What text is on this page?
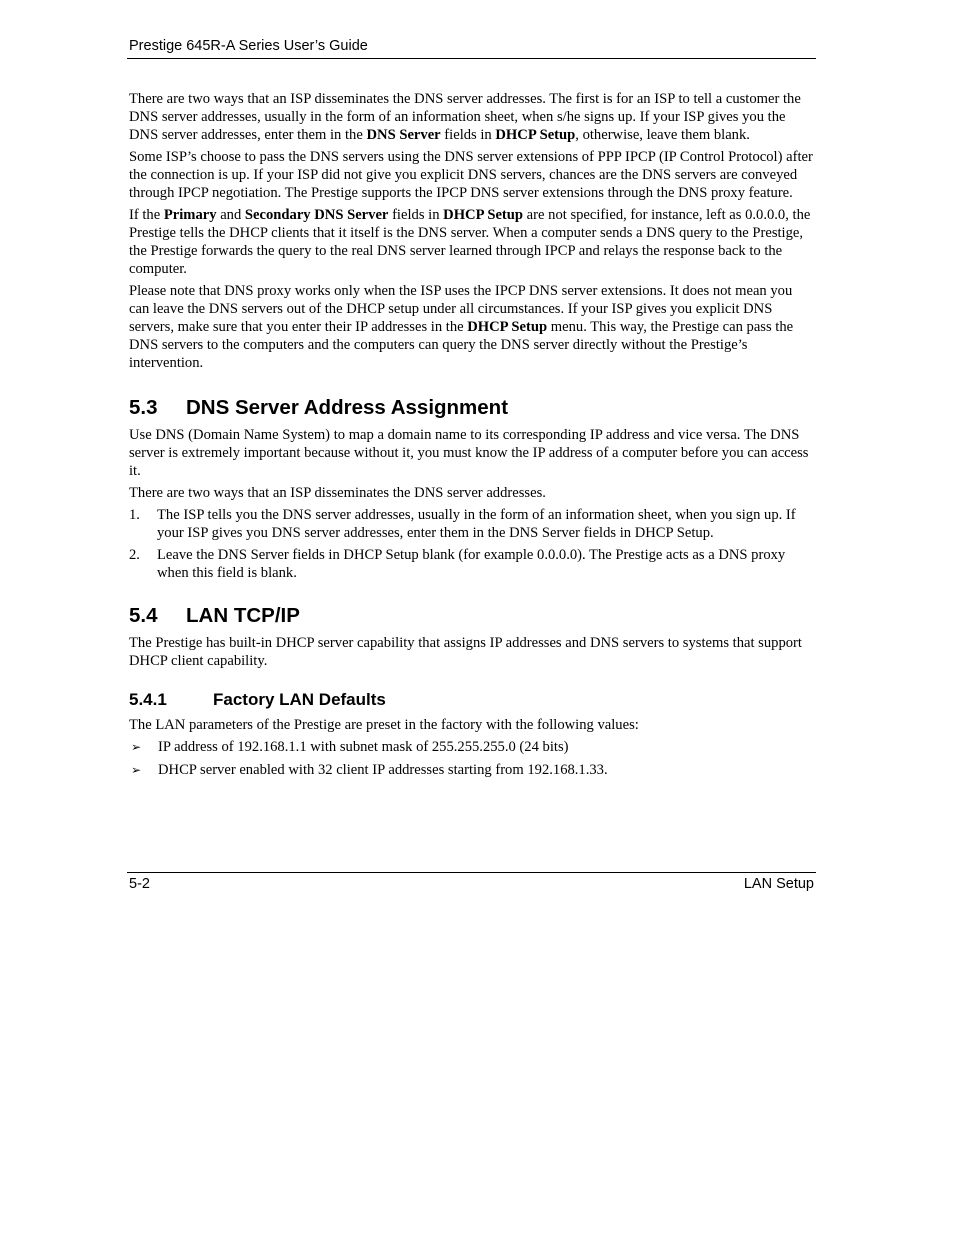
Prestige 645R-A Series User’s Guide

There are two ways that an ISP disseminates the DNS server addresses. The first is for an ISP to tell a customer the DNS server addresses, usually in the form of an information sheet, when s/he signs up. If your ISP gives you the DNS server addresses, enter them in the DNS Server fields in DHCP Setup, otherwise, leave them blank.

Some ISP’s choose to pass the DNS servers using the DNS server extensions of PPP IPCP (IP Control Protocol) after the connection is up. If your ISP did not give you explicit DNS servers, chances are the DNS servers are conveyed through IPCP negotiation. The Prestige supports the IPCP DNS server extensions through the DNS proxy feature.

If the Primary and Secondary DNS Server fields in DHCP Setup are not specified, for instance, left as 0.0.0.0, the Prestige tells the DHCP clients that it itself is the DNS server. When a computer sends a DNS query to the Prestige, the Prestige forwards the query to the real DNS server learned through IPCP and relays the response back to the computer.

Please note that DNS proxy works only when the ISP uses the IPCP DNS server extensions. It does not mean you can leave the DNS servers out of the DHCP setup under all circumstances. If your ISP gives you explicit DNS servers, make sure that you enter their IP addresses in the DHCP Setup menu. This way, the Prestige can pass the DNS servers to the computers and the computers can query the DNS server directly without the Prestige’s intervention.

5.3	DNS Server Address Assignment

Use DNS (Domain Name System) to map a domain name to its corresponding IP address and vice versa. The DNS server is extremely important because without it, you must know the IP address of a computer before you can access it.

There are two ways that an ISP disseminates the DNS server addresses.

1.	The ISP tells you the DNS server addresses, usually in the form of an information sheet, when you sign up. If your ISP gives you DNS server addresses, enter them in the DNS Server fields in DHCP Setup.
2.	Leave the DNS Server fields in DHCP Setup blank (for example 0.0.0.0). The Prestige acts as a DNS proxy when this field is blank.
5.4	LAN TCP/IP

The Prestige has built-in DHCP server capability that assigns IP addresses and DNS servers to systems that support DHCP client capability.

5.4.1	Factory LAN Defaults

The LAN parameters of the Prestige are preset in the factory with the following values:

➢	IP address of 192.168.1.1 with subnet mask of 255.255.255.0 (24 bits)
➢	DHCP server enabled with 32 client IP addresses starting from 192.168.1.33.
5-2	LAN Setup
